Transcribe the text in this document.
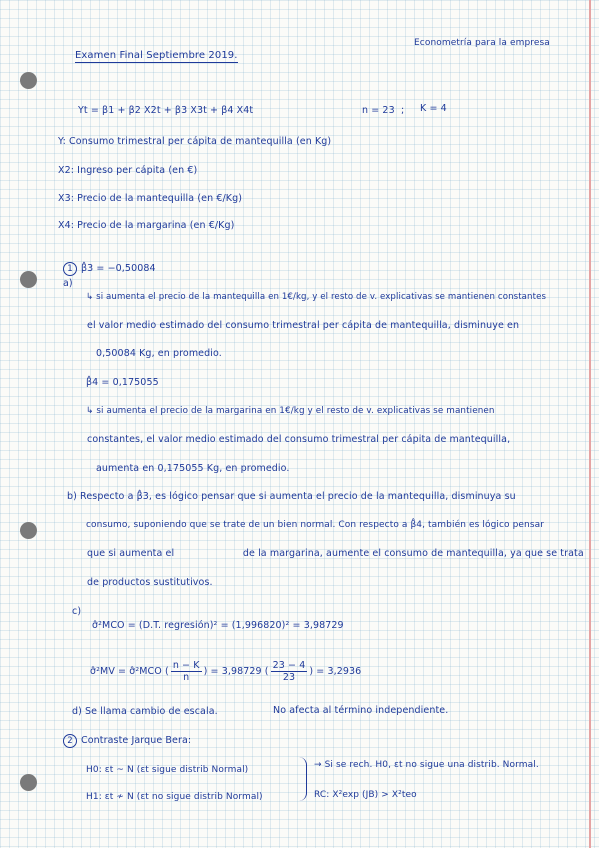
Examen Final Septiembre 2019.
Econometría para la empresa
Yt = β1 + β2 X2t + β3 X3t + β4 X4t	n = 23 ; K = 4
Y: Consumo trimestral per cápita de mantequilla (en Kg)
X2: Ingreso per cápita (en €)
X3: Precio de la mantequilla (en €/Kg)
X4: Precio de la margarina (en €/Kg)
1 β̂3 = −0,50084
a)
↳ si aumenta el precio de la mantequilla en 1€/kg, y el resto de v. explicativas se mantienen constantes
el valor medio estimado del consumo trimestral per cápita de mantequilla, disminuye en
0,50084 Kg, en promedio.
β̂4 = 0,175055
↳ si aumenta el precio de la margarina en 1€/kg y el resto de v. explicativas se mantienen
constantes, el valor medio estimado del consumo trimestral per cápita de mantequilla,
aumenta en 0,175055 Kg, en promedio.
b) Respecto a β̂3, es lógico pensar que si aumenta el precio de la mantequilla, disminuya su
consumo, suponiendo que se trate de un bien normal. Con respecto a β̂4, también es lógico pensar
que si aumenta el                      de la margarina, aumente el consumo de mantequilla, ya que se trata
de productos sustitutivos.
c)
σ̂²MCO = (D.T. regresión)² = (1,996820)² = 3,98729
σ̂²MV = σ̂²MCO ( $\frac{n - K}{n}$ ) = 3,98729 ( $\frac{23 - 4}{23}$ ) = 3,2936
d) Se llama cambio de escala.	No afecta al término independiente.
2 Contraste Jarque Bera:
H0: εt ~ N (εt sigue distrib Normal)
H1: εt ≁ N (εt no sigue distrib Normal)
→ Si se rech. H0, εt no sigue una distrib. Normal.
RC: X²exp (JB) > X²teo
